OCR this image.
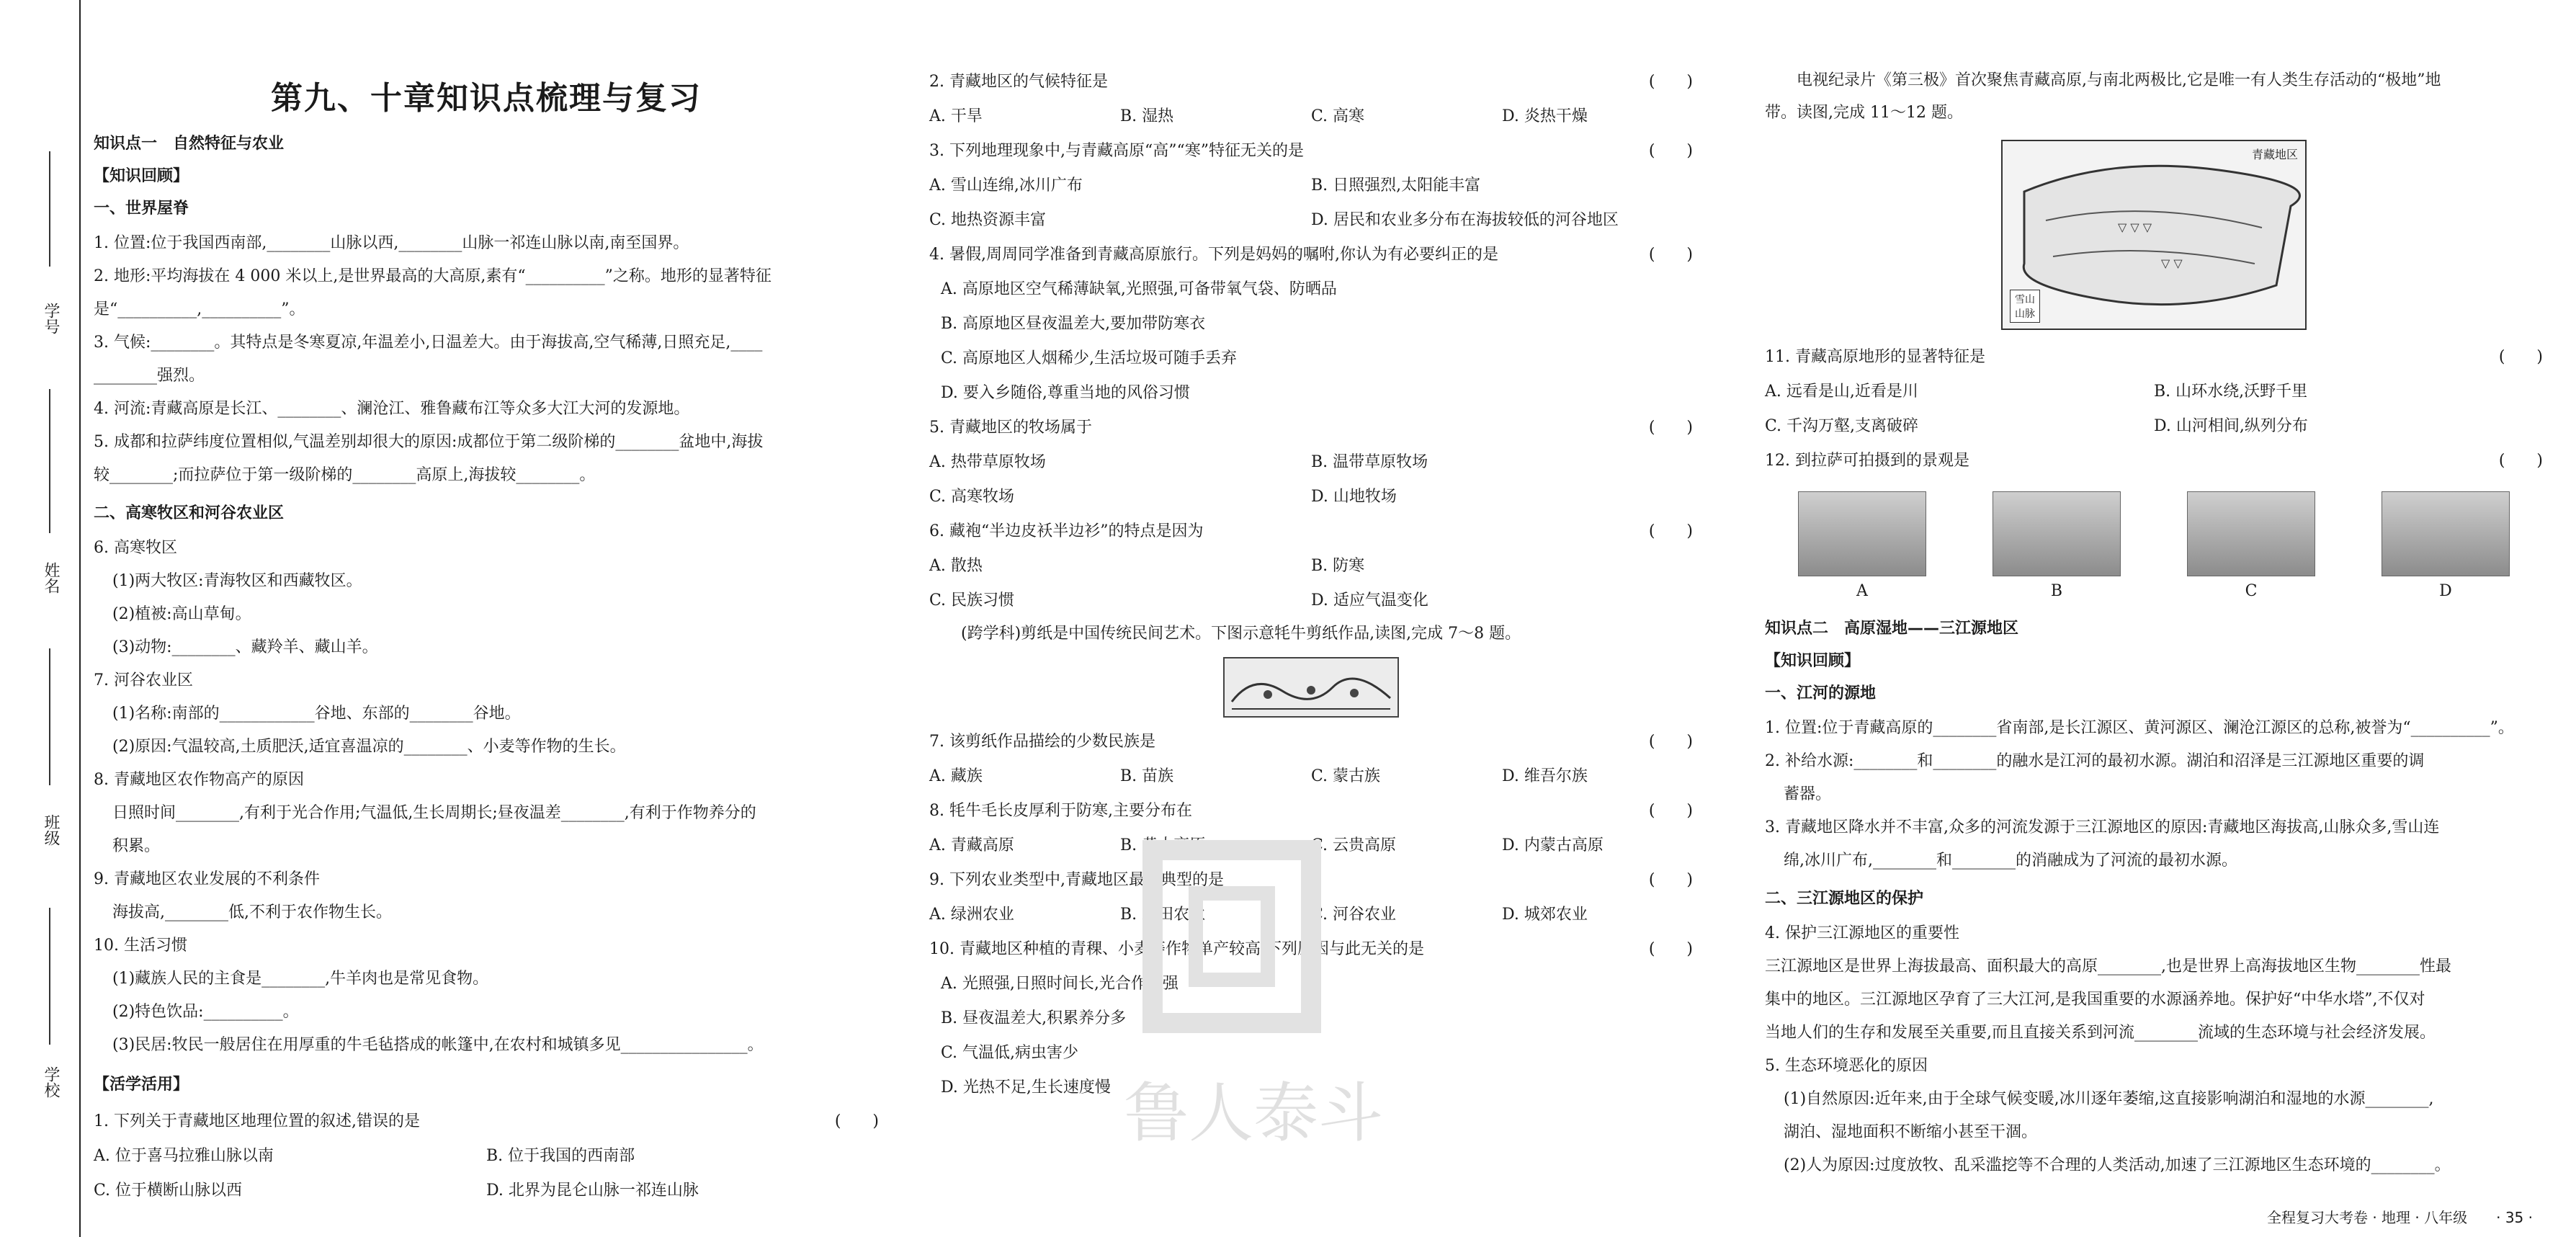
学号
姓名
班级
学校
第九、十章知识点梳理与复习
知识点一　自然特征与农业
【知识回顾】
一、世界屋脊
1. 位置:位于我国西南部,________山脉以西,________山脉一祁连山脉以南,南至国界。
2. 地形:平均海拔在 4 000 米以上,是世界最高的大高原,素有“__________”之称。地形的显著特征
是“__________,__________”。
3. 气候:________。其特点是冬寒夏凉,年温差小,日温差大。由于海拔高,空气稀薄,日照充足,____
________强烈。
4. 河流:青藏高原是长江、________、澜沧江、雅鲁藏布江等众多大江大河的发源地。
5. 成都和拉萨纬度位置相似,气温差别却很大的原因:成都位于第二级阶梯的________盆地中,海拔
较________;而拉萨位于第一级阶梯的________高原上,海拔较________。
二、高寒牧区和河谷农业区
6. 高寒牧区
(1)两大牧区:青海牧区和西藏牧区。
(2)植被:高山草甸。
(3)动物:________、藏羚羊、藏山羊。
7. 河谷农业区
(1)名称:南部的____________谷地、东部的________谷地。
(2)原因:气温较高,土质肥沃,适宜喜温凉的________、小麦等作物的生长。
8. 青藏地区农作物高产的原因
日照时间________,有利于光合作用;气温低,生长周期长;昼夜温差________,有利于作物养分的
积累。
9. 青藏地区农业发展的不利条件
海拔高,________低,不利于农作物生长。
10. 生活习惯
(1)藏族人民的主食是________,牛羊肉也是常见食物。
(2)特色饮品:__________。
(3)民居:牧民一般居住在用厚重的牛毛毡搭成的帐篷中,在农村和城镇多见________________。
【活学活用】
1. 下列关于青藏地区地理位置的叙述,错误的是	(　　)
A. 位于喜马拉雅山脉以南	B. 位于我国的西南部
C. 位于横断山脉以西	D. 北界为昆仑山脉一祁连山脉
2. 青藏地区的气候特征是	(　　)
A. 干旱	B. 湿热	C. 高寒	D. 炎热干燥
3. 下列地理现象中,与青藏高原“高”“寒”特征无关的是	(　　)
A. 雪山连绵,冰川广布	B. 日照强烈,太阳能丰富
C. 地热资源丰富	D. 居民和农业多分布在海拔较低的河谷地区
4. 暑假,周周同学准备到青藏高原旅行。下列是妈妈的嘱咐,你认为有必要纠正的是	(　　)
A. 高原地区空气稀薄缺氧,光照强,可备带氧气袋、防晒品
B. 高原地区昼夜温差大,要加带防寒衣
C. 高原地区人烟稀少,生活垃圾可随手丢弃
D. 要入乡随俗,尊重当地的风俗习惯
5. 青藏地区的牧场属于	(　　)
A. 热带草原牧场	B. 温带草原牧场
C. 高寒牧场	D. 山地牧场
6. 藏袍“半边皮袄半边衫”的特点是因为	(　　)
A. 散热	B. 防寒
C. 民族习惯	D. 适应气温变化
(跨学科)剪纸是中国传统民间艺术。下图示意牦牛剪纸作品,读图,完成 7～8 题。
7. 该剪纸作品描绘的少数民族是	(　　)
A. 藏族	B. 苗族	C. 蒙古族	D. 维吾尔族
8. 牦牛毛长皮厚利于防寒,主要分布在	(　　)
A. 青藏高原	B. 黄土高原	C. 云贵高原	D. 内蒙古高原
9. 下列农业类型中,青藏地区最为典型的是	(　　)
A. 绿洲农业	B. 水田农业	C. 河谷农业	D. 城郊农业
10. 青藏地区种植的青稞、小麦等作物单产较高,下列原因与此无关的是	(　　)
A. 光照强,日照时间长,光合作用强
B. 昼夜温差大,积累养分多
C. 气温低,病虫害少
D. 光热不足,生长速度慢 鲁人泰斗
电视纪录片《第三极》首次聚焦青藏高原,与南北两极比,它是唯一有人类生存活动的“极地”地
带。读图,完成 11～12 题。
▽ ▽ ▽
▽ ▽
青藏地区
雪山
山脉
11. 青藏高原地形的显著特征是	(　　)
A. 远看是山,近看是川	B. 山环水绕,沃野千里
C. 千沟万壑,支离破碎	D. 山河相间,纵列分布
12. 到拉萨可拍摄到的景观是	(　　)
A	B	C	D
知识点二　高原湿地——三江源地区
【知识回顾】
一、江河的源地
1. 位置:位于青藏高原的________省南部,是长江源区、黄河源区、澜沧江源区的总称,被誉为“__________”。
2. 补给水源:________和________的融水是江河的最初水源。湖泊和沼泽是三江源地区重要的调
蓄器。
3. 青藏地区降水并不丰富,众多的河流发源于三江源地区的原因:青藏地区海拔高,山脉众多,雪山连
绵,冰川广布,________和________的消融成为了河流的最初水源。
二、三江源地区的保护
4. 保护三江源地区的重要性
三江源地区是世界上海拔最高、面积最大的高原________,也是世界上高海拔地区生物________性最
集中的地区。三江源地区孕育了三大江河,是我国重要的水源涵养地。保护好“中华水塔”,不仅对
当地人们的生存和发展至关重要,而且直接关系到河流________流域的生态环境与社会经济发展。
5. 生态环境恶化的原因
(1)自然原因:近年来,由于全球气候变暖,冰川逐年萎缩,这直接影响湖泊和湿地的水源________,
湖泊、湿地面积不断缩小甚至干涸。
(2)人为原因:过度放牧、乱采滥挖等不合理的人类活动,加速了三江源地区生态环境的________。
全程复习大考卷 · 地理 · 八年级　　· 35 ·
